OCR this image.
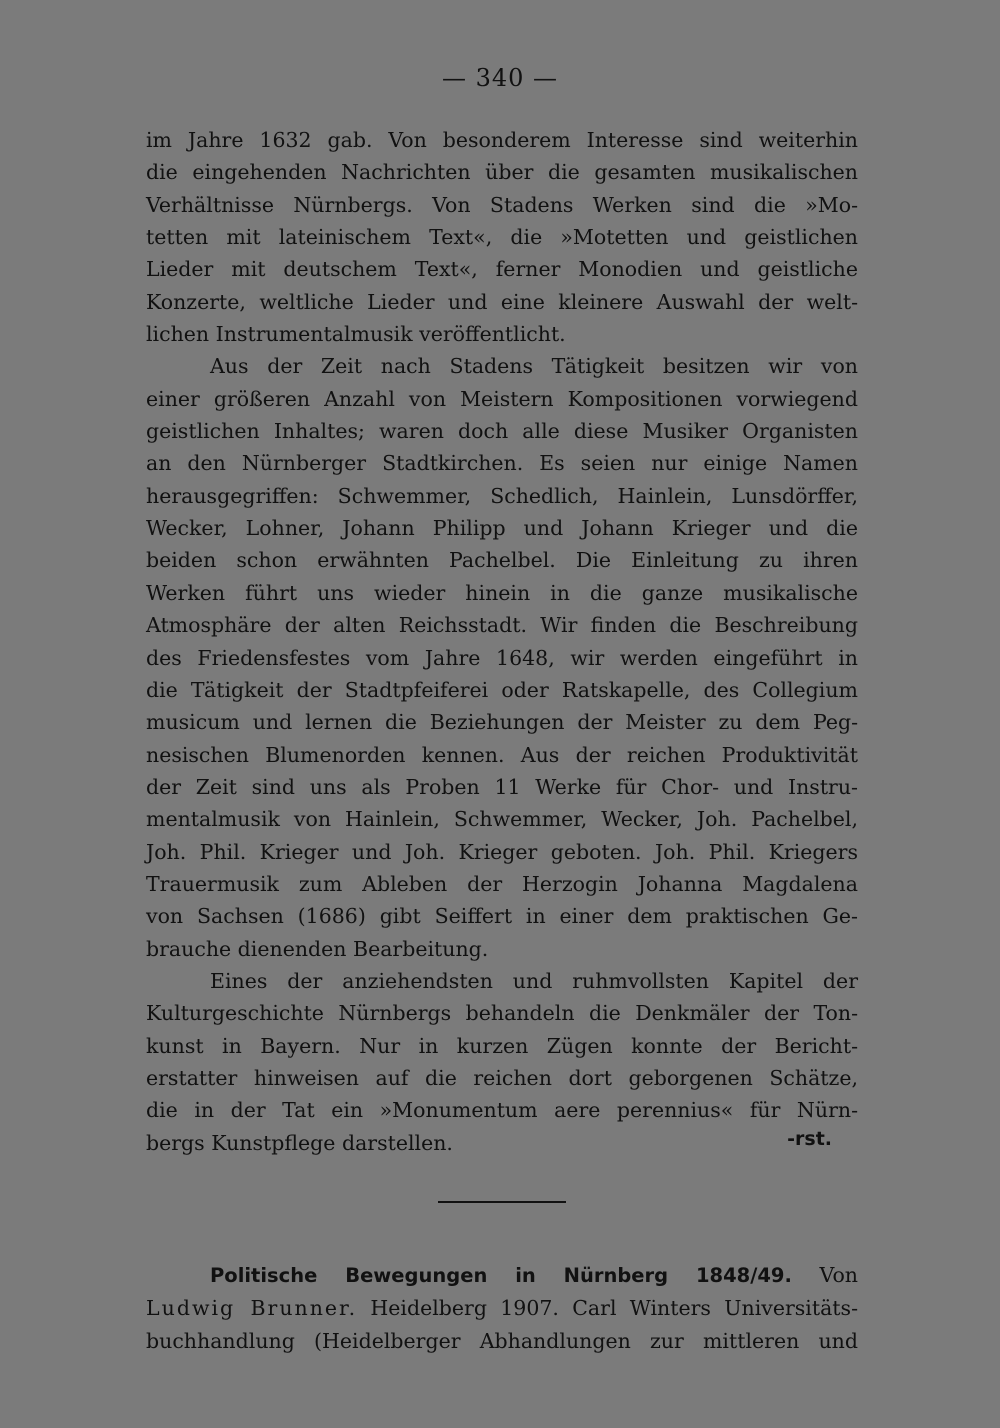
— 340 —
im Jahre 1632 gab. Von besonderem Interesse sind weiterhin
die eingehenden Nachrichten über die gesamten musikalischen
Verhältnisse Nürnbergs. Von Stadens Werken sind die »Mo-
tetten mit lateinischem Text«, die »Motetten und geistlichen
Lieder mit deutschem Text«, ferner Monodien und geistliche
Konzerte, weltliche Lieder und eine kleinere Auswahl der welt-
lichen Instrumentalmusik veröffentlicht.
Aus der Zeit nach Stadens Tätigkeit besitzen wir von
einer größeren Anzahl von Meistern Kompositionen vorwiegend
geistlichen Inhaltes; waren doch alle diese Musiker Organisten
an den Nürnberger Stadtkirchen. Es seien nur einige Namen
herausgegriffen: Schwemmer, Schedlich, Hainlein, Lunsdörffer,
Wecker, Lohner, Johann Philipp und Johann Krieger und die
beiden schon erwähnten Pachelbel. Die Einleitung zu ihren
Werken führt uns wieder hinein in die ganze musikalische
Atmosphäre der alten Reichsstadt. Wir finden die Beschreibung
des Friedensfestes vom Jahre 1648, wir werden eingeführt in
die Tätigkeit der Stadtpfeiferei oder Ratskapelle, des Collegium
musicum und lernen die Beziehungen der Meister zu dem Peg-
nesischen Blumenorden kennen. Aus der reichen Produktivität
der Zeit sind uns als Proben 11 Werke für Chor- und Instru-
mentalmusik von Hainlein, Schwemmer, Wecker, Joh. Pachelbel,
Joh. Phil. Krieger und Joh. Krieger geboten. Joh. Phil. Kriegers
Trauermusik zum Ableben der Herzogin Johanna Magdalena
von Sachsen (1686) gibt Seiffert in einer dem praktischen Ge-
brauche dienenden Bearbeitung.
Eines der anziehendsten und ruhmvollsten Kapitel der
Kulturgeschichte Nürnbergs behandeln die Denkmäler der Ton-
kunst in Bayern. Nur in kurzen Zügen konnte der Bericht-
erstatter hinweisen auf die reichen dort geborgenen Schätze,
die in der Tat ein »Monumentum aere perennius« für Nürn-
bergs Kunstpflege darstellen.	-rst.
Politische Bewegungen in Nürnberg 1848/49. Von
Ludwig Brunner. Heidelberg 1907. Carl Winters Universitäts-
buchhandlung (Heidelberger Abhandlungen zur mittleren und
